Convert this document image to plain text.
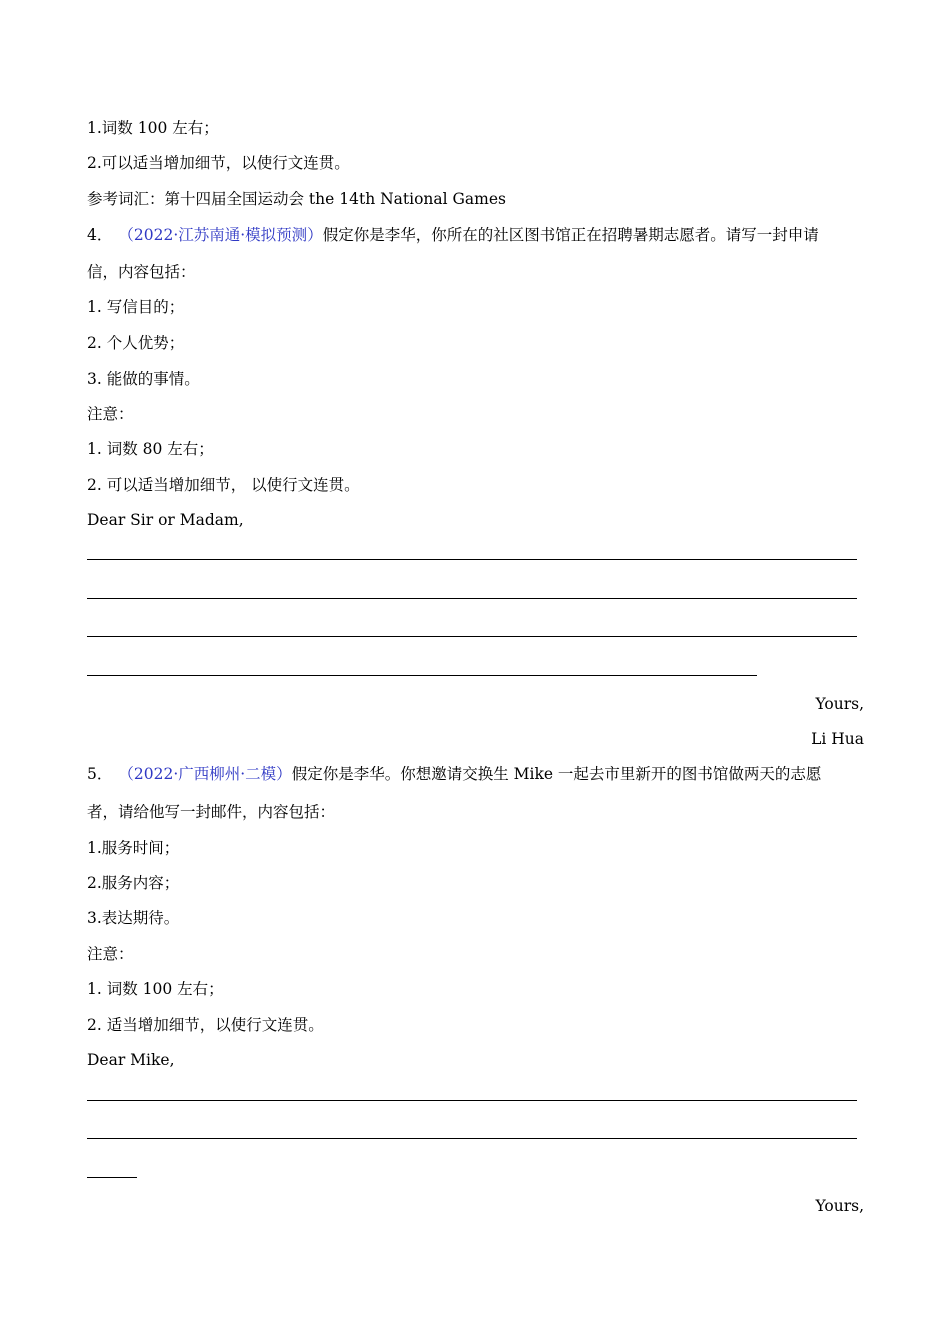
1.词数 100 左右；
2.可以适当增加细节，以使行文连贯。
参考词汇：第十四届全国运动会 the 14th National Games
4． （2022·江苏南通·模拟预测）假定你是李华，你所在的社区图书馆正在招聘暑期志愿者。请写一封申请
信，内容包括：
1. 写信目的；
2. 个人优势；
3. 能做的事情。
注意：
1. 词数 80 左右；
2. 可以适当增加细节， 以使行文连贯。
Dear Sir or Madam,
Yours,
Li Hua
5． （2022·广西柳州·二模）假定你是李华。你想邀请交换生 Mike 一起去市里新开的图书馆做两天的志愿
者，请给他写一封邮件，内容包括：
1.服务时间；
2.服务内容；
3.表达期待。
注意：
1. 词数 100 左右；
2. 适当增加细节，以使行文连贯。
Dear Mike,
Yours,
